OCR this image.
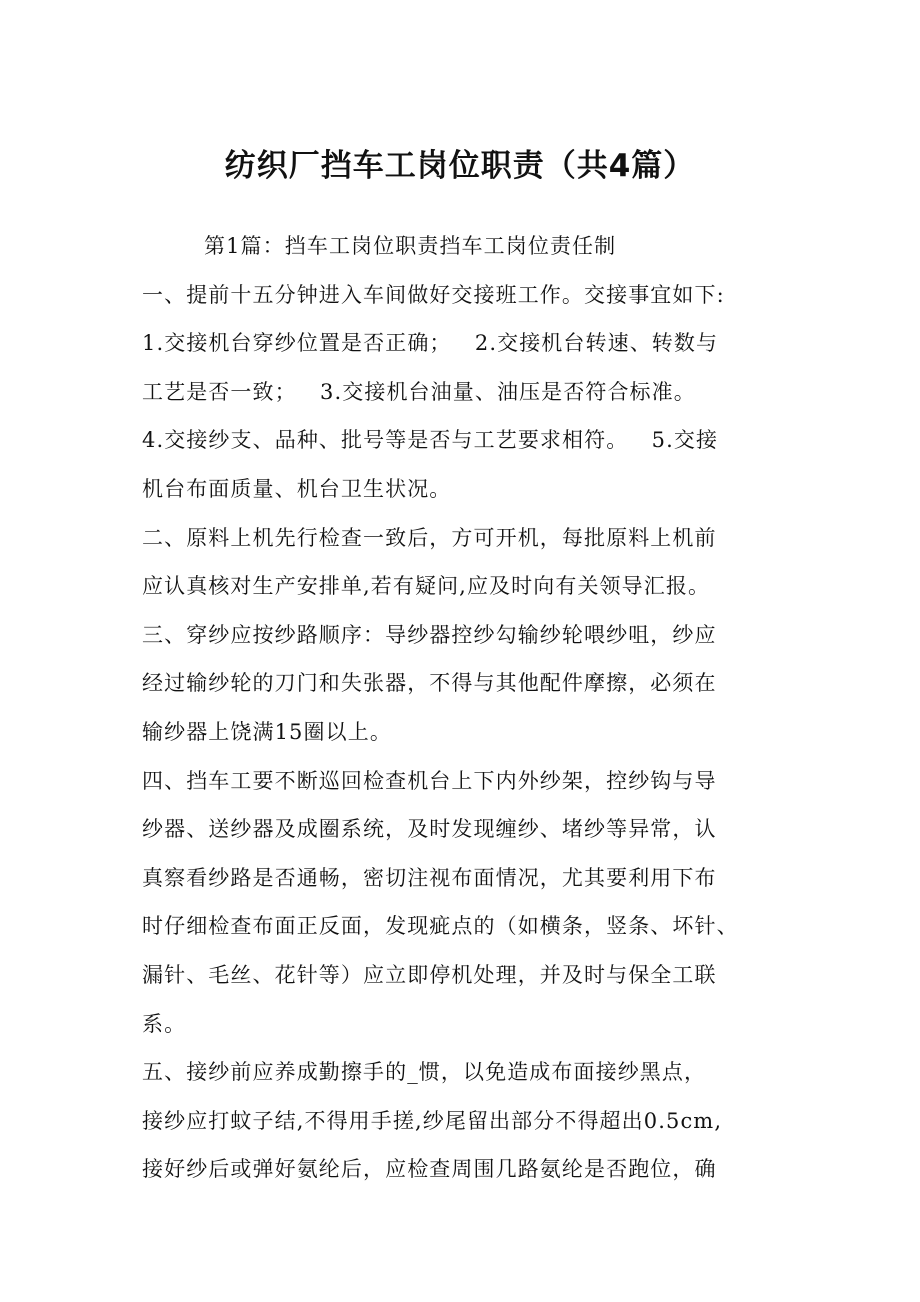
纺织厂挡车工岗位职责（共4篇）
第1篇：挡车工岗位职责挡车工岗位责任制
一、提前十五分钟进入车间做好交接班工作。交接事宜如下:
1.交接机台穿纱位置是否正确；   2.交接机台转速、转数与
工艺是否一致；   3.交接机台油量、油压是否符合标准。
4.交接纱支、品种、批号等是否与工艺要求相符。   5.交接
机台布面质量、机台卫生状况。
二、原料上机先行检查一致后，方可开机，每批原料上机前
应认真核对生产安排单,若有疑问,应及时向有关领导汇报。
三、穿纱应按纱路顺序：导纱器控纱勾输纱轮喂纱咀，纱应
经过输纱轮的刀门和失张器，不得与其他配件摩擦，必须在
输纱器上饶满15圈以上。
四、挡车工要不断巡回检查机台上下内外纱架，控纱钩与导
纱器、送纱器及成圈系统，及时发现缠纱、堵纱等异常，认
真察看纱路是否通畅，密切注视布面情况，尤其要利用下布
时仔细检查布面正反面，发现疵点的（如横条，竖条、坏针、
漏针、毛丝、花针等）应立即停机处理，并及时与保全工联
系。
五、接纱前应养成勤擦手的_惯，以免造成布面接纱黑点，
接纱应打蚊子结,不得用手搓,纱尾留出部分不得超出0.5cm,
接好纱后或弹好氨纶后，应检查周围几路氨纶是否跑位，确
